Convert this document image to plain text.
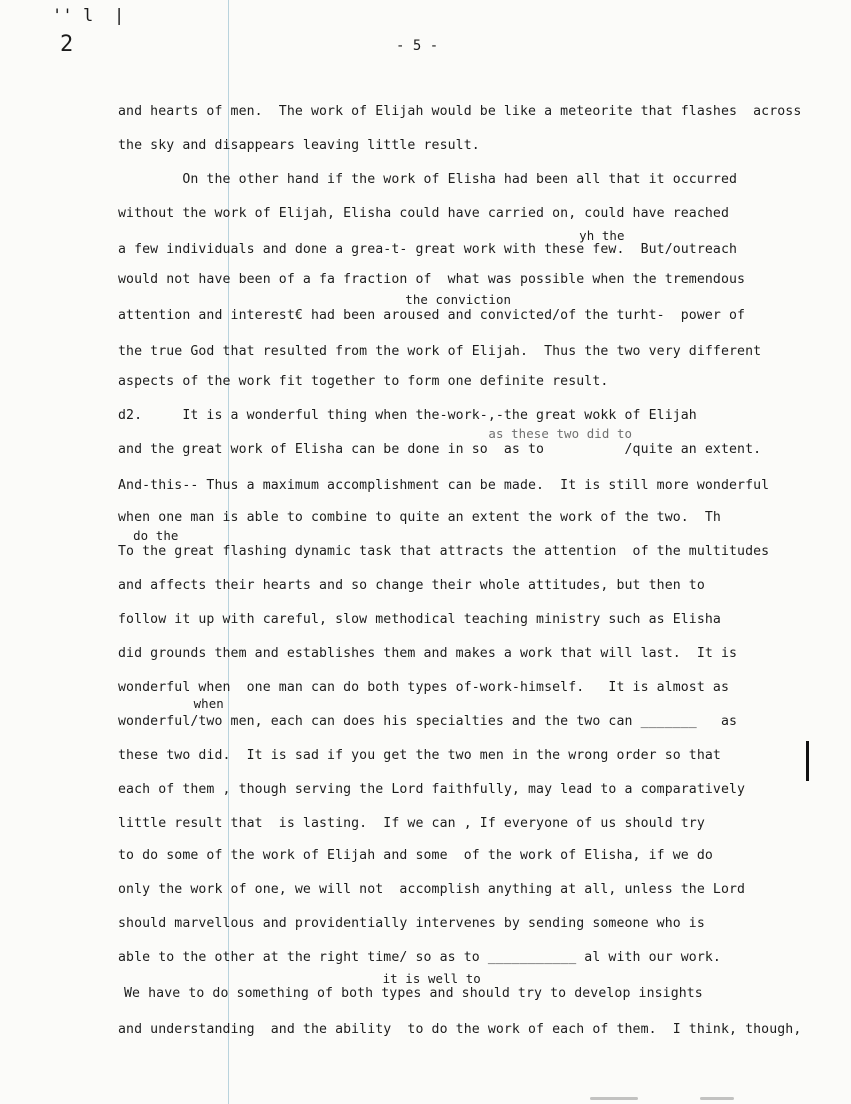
'' l  |
2	- 5 -
and hearts of men.  The work of Elijah would be like a meteorite that flashes  across
the sky and disappears leaving little result.
On the other hand if the work of Elisha had been all that it occurred
without the work of Elijah, Elisha could have carried on, could have reached
yh the
a few individuals and done a grea-t- great work with these few.  But/outreach
would not have been of a fa fraction of  what was possible when the tremendous
the conviction
attention and interest€ had been aroused and convicted/of the turht-  power of
the true God that resulted from the work of Elijah.  Thus the two very different
aspects of the work fit together to form one definite result.
d2.     It is a wonderful thing when the-work-,-the great wokk of Elijah
as these two did to
and the great work of Elisha can be done in so  as to          /quite an extent.
And-this-- Thus a maximum accomplishment can be made.  It is still more wonderful
when one man is able to combine to quite an extent the work of the two.  Th
do the
To the great flashing dynamic task that attracts the attention  of the multitudes
and affects their hearts and so change their whole attitudes, but then to
follow it up with careful, slow methodical teaching ministry such as Elisha
did grounds them and establishes them and makes a work that will last.  It is
wonderful when  one man can do both types of-work-himself.   It is almost as
when
wonderful/two men, each can does his specialties and the two can _______   as
these two did.  It is sad if you get the two men in the wrong order so that
each of them , though serving the Lord faithfully, may lead to a comparatively
little result that  is lasting.  If we can , If everyone of us should try
to do some of the work of Elijah and some  of the work of Elisha, if we do
only the work of one, we will not  accomplish anything at all, unless the Lord
should marvellous and providentially intervenes by sending someone who is
able to the other at the right time/ so as to ___________ al with our work.
it is well to
We have to do something of both types and should try to develop insights
and understanding  and the ability  to do the work of each of them.  I think, though,
